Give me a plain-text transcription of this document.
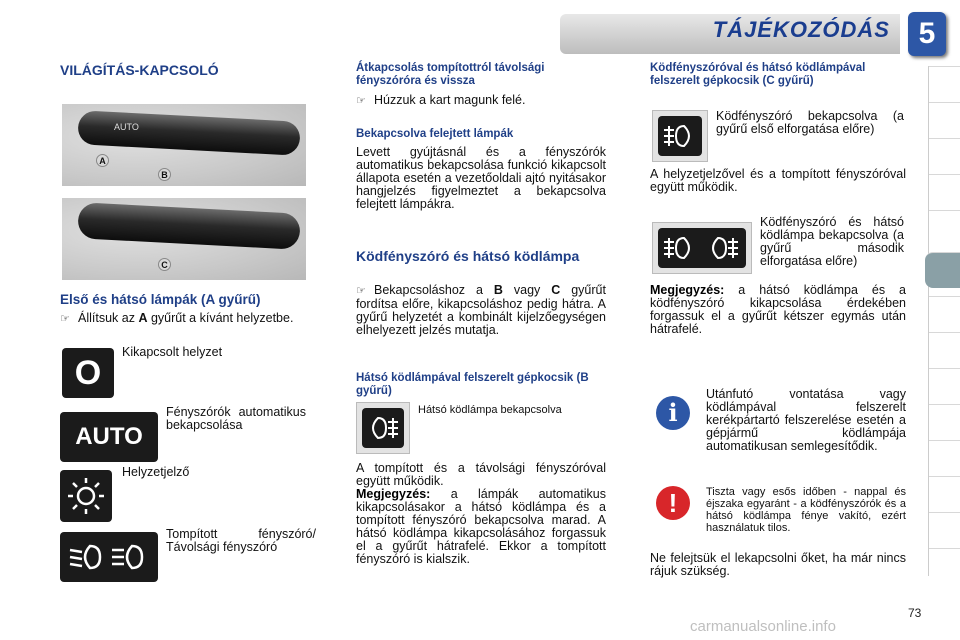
TÁJÉKOZÓDÁS 5
VILÁGÍTÁS-KAPCSOLÓ
AUTO
A
B
C
Első és hátsó lámpák (A gyűrű)
☞ Állítsuk az A gyűrűt a kívánt helyzetbe.
O
Kikapcsolt helyzet
AUTO
Fényszórók automatikus bekapcsolása
Helyzetjelző
Tompított fényszóró/ Távolsági fényszóró
Átkapcsolás tompítottról távolsági fényszóróra és vissza
☞ Húzzuk a kart magunk felé.
Bekapcsolva felejtett lámpák
Levett gyújtásnál és a fényszórók automatikus bekapcsolása funkció kikapcsolt állapota esetén a vezetőoldali ajtó nyitásakor hangjelzés figyelmeztet a bekapcsolva felejtett lámpákra.
Ködfényszóró és hátsó ködlámpa
☞ Bekapcsoláshoz a B vagy C gyűrűt fordítsa előre, kikapcsoláshoz pedig hátra. A gyűrű helyzetét a kombinált kijelzőegységen elhelyezett jelzés mutatja.
Hátsó ködlámpával felszerelt gépkocsik (B gyűrű)
Hátsó ködlámpa bekapcsolva
A tompított és a távolsági fényszóróval együtt működik.
Megjegyzés: a lámpák automatikus kikapcsolásakor a hátsó ködlámpa és a tompított fényszóró bekapcsolva marad. A hátsó ködlámpa kikapcsolásához forgassuk el a gyűrűt hátrafelé. Ekkor a tompított fényszóró is kialszik.
Ködfényszóróval és hátsó ködlámpával felszerelt gépkocsik (C gyűrű)
Ködfényszóró bekapcsolva (a gyűrű első elforgatása előre)
A helyzetjelzővel és a tompított fényszóróval együtt működik.
Ködfényszóró és hátsó ködlámpa bekapcsolva (a gyűrű második elforgatása előre)
Megjegyzés: a hátsó ködlámpa és a ködfényszóró kikapcsolása érdekében forgassuk el a gyűrűt kétszer egymás után hátrafelé.
i
Utánfutó vontatása vagy ködlámpával felszerelt kerékpártartó felszerelése esetén a gépjármű ködlámpája automatikusan semlegesítődik.
!	Tiszta vagy esős időben - nappal és éjszaka egyaránt - a ködfényszórók és a hátsó ködlámpa fénye vakító, ezért használatuk tilos.
Ne felejtsük el lekapcsolni őket, ha már nincs rájuk szükség.
73
carmanualsonline.info
